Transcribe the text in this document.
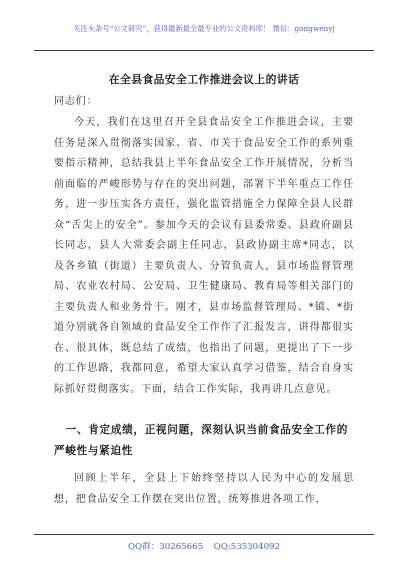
关注头条号“公文研究”，获得最新最全最专业的公文资料库！ 微信：gongwenyj
在全县食品安全工作推进会议上的讲话

同志们：

今天，我们在这里召开全县食品安全工作推进会议，主要任务是深入贯彻落实国家、省、市关于食品安全工作的系列重要指示精神，总结我县上半年食品安全工作开展情况，分析当前面临的严峻形势与存在的突出问题，部署下半年重点工作任务，进一步压实各方责任，强化监管措施全力保障全县人民群众“舌尖上的安全”。参加今天的会议有县委常委、县政府副县长同志，县人大常委会副主任同志，县政协副主席*同志，以及各乡镇（街道）主要负责人、分管负责人，县市场监督管理局、农业农村局、公安局、卫生健康局、教育局等相关部门的主要负责人和业务骨干。刚才，县市场监督管理局、*镇、*街道分别就各自领域的食品安全工作作了汇报发言，讲得都很实在、很具体，既总结了成绩，也指出了问题，更提出了下一步的工作思路，我都同意，希望大家认真学习借鉴，结合自身实际抓好贯彻落实。下面，结合工作实际，我再讲几点意见。

一、肯定成绩，正视问题，深刻认识当前食品安全工作的严峻性与紧迫性

回顾上半年，全县上下始终坚持以人民为中心的发展思想，把食品安全工作摆在突出位置，统筹推进各项工作，

QQ群：30265665 QQ:535304092
